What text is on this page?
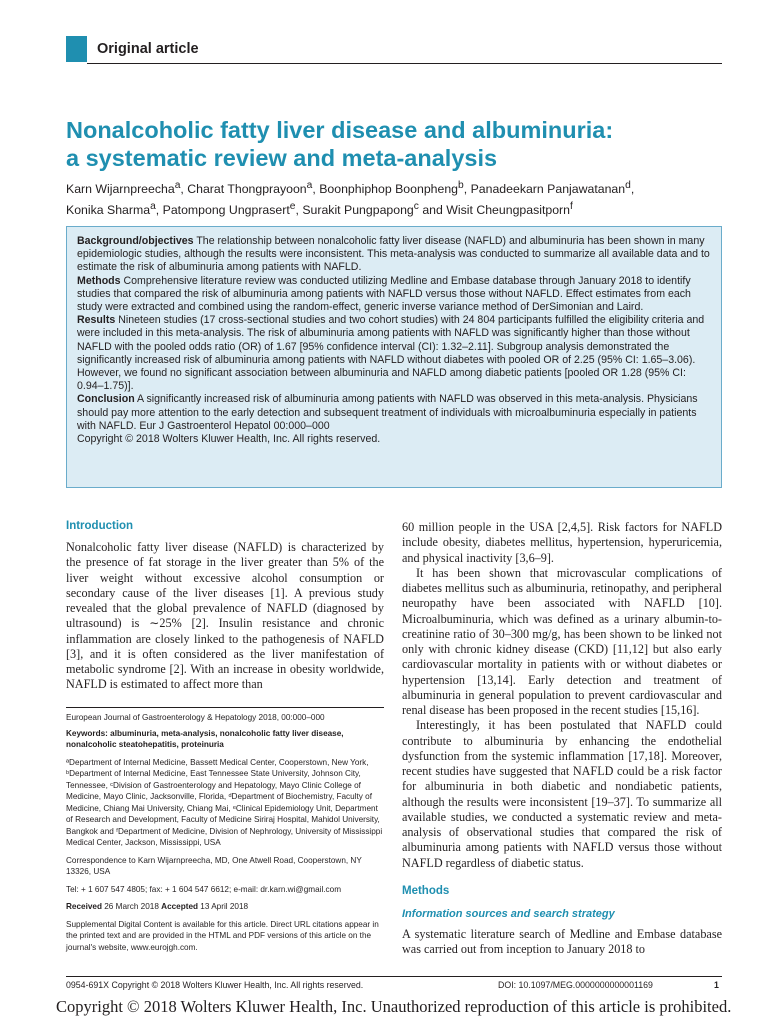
Original article
Nonalcoholic fatty liver disease and albuminuria:
a systematic review and meta-analysis
Karn Wijarnpreecha$^a$, Charat Thongprayoon$^a$, Boonphiphop Boonpheng$^b$, Panadeekarn Panjawatanan$^d$,
Konika Sharma$^a$, Patompong Ungprasert$^e$, Surakit Pungpapong$^c$ and Wisit Cheungpasitporn$^f$

Background/objectives The relationship between nonalcoholic fatty liver disease (NAFLD) and albuminuria has been shown in many epidemiologic studies, although the results were inconsistent. This meta-analysis was conducted to summarize all available data and to estimate the risk of albuminuria among patients with NAFLD.

Methods Comprehensive literature review was conducted utilizing Medline and Embase database through January 2018 to identify studies that compared the risk of albuminuria among patients with NAFLD versus those without NAFLD. Effect estimates from each study were extracted and combined using the random-effect, generic inverse variance method of DerSimonian and Laird.

Results Nineteen studies (17 cross-sectional studies and two cohort studies) with 24 804 participants fulfilled the eligibility criteria and were included in this meta-analysis. The risk of albuminuria among patients with NAFLD was significantly higher than those without NAFLD with the pooled odds ratio (OR) of 1.67 [95% confidence interval (CI): 1.32–2.11]. Subgroup analysis demonstrated the significantly increased risk of albuminuria among patients with NAFLD without diabetes with pooled OR of 2.25 (95% CI: 1.65–3.06). However, we found no significant association between albuminuria and NAFLD among diabetic patients [pooled OR 1.28 (95% CI: 0.94–1.75)].

Conclusion A significantly increased risk of albuminuria among patients with NAFLD was observed in this meta-analysis. Physicians should pay more attention to the early detection and subsequent treatment of individuals with microalbuminuria especially in patients with NAFLD. Eur J Gastroenterol Hepatol 00:000–000

Copyright © 2018 Wolters Kluwer Health, Inc. All rights reserved.

Introduction

Nonalcoholic fatty liver disease (NAFLD) is characterized by the presence of fat storage in the liver greater than 5% of the liver weight without excessive alcohol consumption or secondary cause of the liver diseases [1]. A previous study revealed that the global prevalence of NAFLD (diagnosed by ultrasound) is ∼25% [2]. Insulin resistance and chronic inflammation are closely linked to the pathogenesis of NAFLD [3], and it is often considered as the liver manifestation of metabolic syndrome [2]. With an increase in obesity worldwide, NAFLD is estimated to affect more than

European Journal of Gastroenterology & Hepatology 2018, 00:000–000

Keywords: albuminuria, meta-analysis, nonalcoholic fatty liver disease, nonalcoholic steatohepatitis, proteinuria

ªDepartment of Internal Medicine, Bassett Medical Center, Cooperstown, New York, ᵇDepartment of Internal Medicine, East Tennessee State University, Johnson City, Tennessee, ᶜDivision of Gastroenterology and Hepatology, Mayo Clinic College of Medicine, Mayo Clinic, Jacksonville, Florida, ᵈDepartment of Biochemistry, Faculty of Medicine, Chiang Mai University, Chiang Mai, ᵉClinical Epidemiology Unit, Department of Research and Development, Faculty of Medicine Siriraj Hospital, Mahidol University, Bangkok and ᶠDepartment of Medicine, Division of Nephrology, University of Mississippi Medical Center, Jackson, Mississippi, USA

Correspondence to Karn Wijarnpreecha, MD, One Atwell Road, Cooperstown, NY 13326, USA

Tel: + 1 607 547 4805; fax: + 1 604 547 6612; e-mail: dr.karn.wi@gmail.com

Received 26 March 2018 Accepted 13 April 2018

Supplemental Digital Content is available for this article. Direct URL citations appear in the printed text and are provided in the HTML and PDF versions of this article on the journal's website, www.eurojgh.com.

60 million people in the USA [2,4,5]. Risk factors for NAFLD include obesity, diabetes mellitus, hypertension, hyperuricemia, and physical inactivity [3,6–9].

It has been shown that microvascular complications of diabetes mellitus such as albuminuria, retinopathy, and peripheral neuropathy have been associated with NAFLD [10]. Microalbuminuria, which was defined as a urinary albumin-to-creatinine ratio of 30–300 mg/g, has been shown to be linked not only with chronic kidney disease (CKD) [11,12] but also early cardiovascular mortality in patients with or without diabetes or hypertension [13,14]. Early detection and treatment of albuminuria in general population to prevent cardiovascular and renal disease has been proposed in the recent studies [15,16].

Interestingly, it has been postulated that NAFLD could contribute to albuminuria by enhancing the endothelial dysfunction from the systemic inflammation [17,18]. Moreover, recent studies have suggested that NAFLD could be a risk factor for albuminuria in both diabetic and nondiabetic patients, although the results were inconsistent [19–37]. To summarize all available studies, we conducted a systematic review and meta-analysis of observational studies that compared the risk of albuminuria among patients with NAFLD versus those without NAFLD regardless of diabetic status.

Methods
Information sources and search strategy

A systematic literature search of Medline and Embase database was carried out from inception to January 2018 to

0954-691X Copyright © 2018 Wolters Kluwer Health, Inc. All rights reserved.	DOI: 10.1097/MEG.0000000000001169	1
Copyright © 2018 Wolters Kluwer Health, Inc. Unauthorized reproduction of this article is prohibited.
